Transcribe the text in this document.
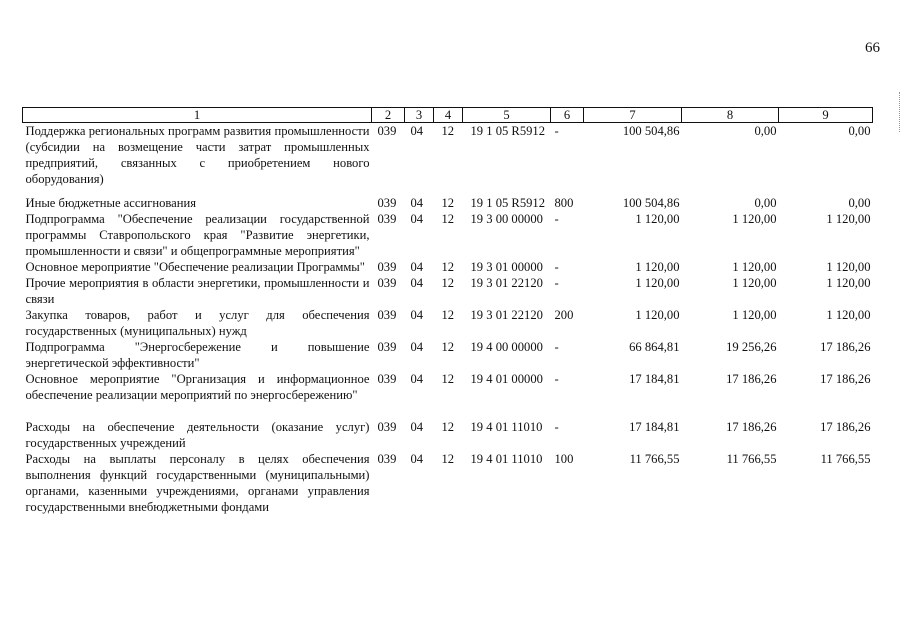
66
1	2	3	4	5	6	7	8	9
Поддержка региональных программ развития промышленности (субсидии на возмещение части затрат промышленных предприятий, связанных с приобретением нового оборудования)	039	04	12	19 1 05 R5912	-	100 504,86	0,00	0,00

Иные бюджетные ассигнования	039	04	12	19 1 05 R5912	800	100 504,86	0,00	0,00
Подпрограмма "Обеспечение реализации государственной программы Ставропольского края "Развитие энергетики, промышленности и связи" и общепрограммные мероприятия"	039	04	12	19 3 00 00000	-	1 120,00	1 120,00	1 120,00
Основное мероприятие "Обеспечение реализации Программы"	039	04	12	19 3 01 00000	-	1 120,00	1 120,00	1 120,00
Прочие мероприятия в области энергетики, промышленности и связи	039	04	12	19 3 01 22120	-	1 120,00	1 120,00	1 120,00
Закупка товаров, работ и услуг для обеспечения государственных (муниципальных) нужд	039	04	12	19 3 01 22120	200	1 120,00	1 120,00	1 120,00
Подпрограмма "Энергосбережение и повышение энергетической эффективности"	039	04	12	19 4 00 00000	-	66 864,81	19 256,26	17 186,26
Основное мероприятие "Организация и информационное обеспечение реализации мероприятий по энергосбережению"	039	04	12	19 4 01 00000	-	17 184,81	17 186,26	17 186,26

Расходы на обеспечение деятельности (оказание услуг) государственных учреждений	039	04	12	19 4 01 11010	-	17 184,81	17 186,26	17 186,26
Расходы на выплаты персоналу в целях обеспечения выполнения функций государственными (муниципальными) органами, казенными учреждениями, органами управления государственными внебюджетными фондами	039	04	12	19 4 01 11010	100	11 766,55	11 766,55	11 766,55
